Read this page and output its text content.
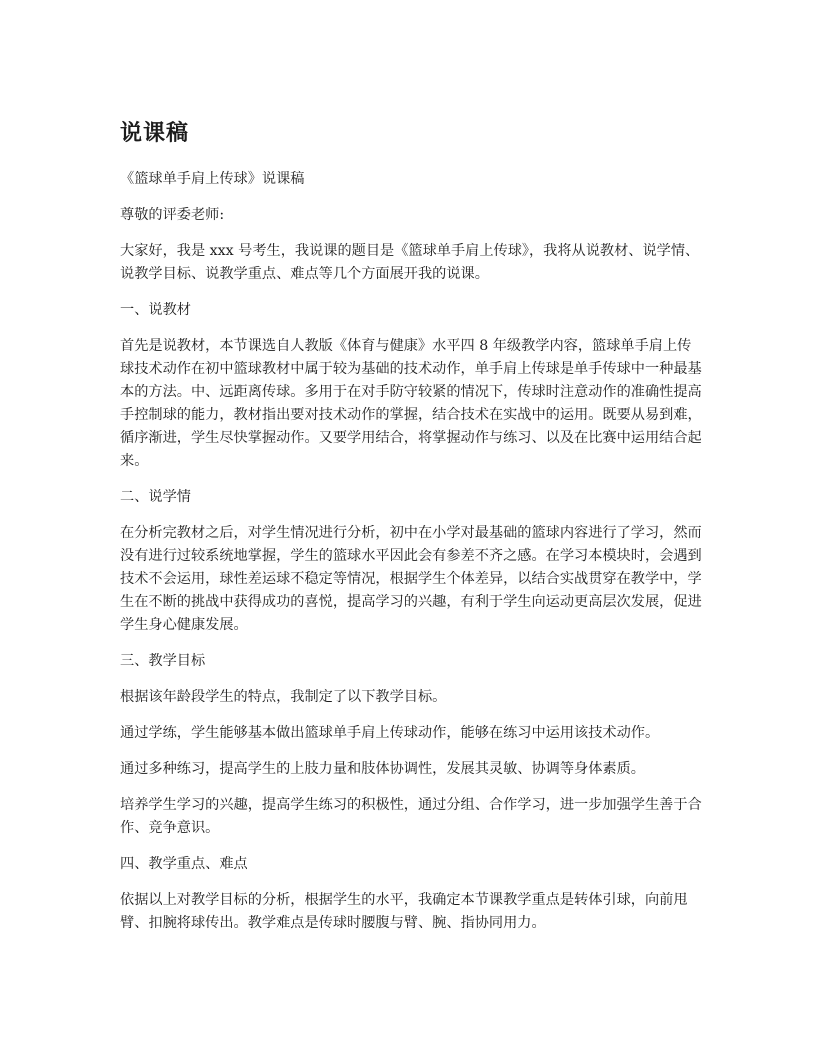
说课稿

《篮球单手肩上传球》说课稿

尊敬的评委老师:

大家好，我是 xxx 号考生，我说课的题目是《篮球单手肩上传球》，我将从说教材、说学情、说教学目标、说教学重点、难点等几个方面展开我的说课。

一、说教材

首先是说教材，本节课选自人教版《体育与健康》水平四 8 年级教学内容，篮球单手肩上传球技术动作在初中篮球教材中属于较为基础的技术动作，单手肩上传球是单手传球中一种最基本的方法。中、远距离传球。多用于在对手防守较紧的情况下，传球时注意动作的准确性提高手控制球的能力，教材指出要对技术动作的掌握，结合技术在实战中的运用。既要从易到难，循序渐进，学生尽快掌握动作。又要学用结合，将掌握动作与练习、以及在比赛中运用结合起来。

二、说学情

在分析完教材之后，对学生情况进行分析，初中在小学对最基础的篮球内容进行了学习，然而没有进行过较系统地掌握，学生的篮球水平因此会有参差不齐之感。在学习本模块时，会遇到技术不会运用，球性差运球不稳定等情况，根据学生个体差异，以结合实战贯穿在教学中，学生在不断的挑战中获得成功的喜悦，提高学习的兴趣，有利于学生向运动更高层次发展，促进学生身心健康发展。

三、教学目标

根据该年龄段学生的特点，我制定了以下教学目标。

通过学练，学生能够基本做出篮球单手肩上传球动作，能够在练习中运用该技术动作。

通过多种练习，提高学生的上肢力量和肢体协调性，发展其灵敏、协调等身体素质。

培养学生学习的兴趣，提高学生练习的积极性，通过分组、合作学习，进一步加强学生善于合作、竞争意识。

四、教学重点、难点

依据以上对教学目标的分析，根据学生的水平，我确定本节课教学重点是转体引球，向前甩臂、扣腕将球传出。教学难点是传球时腰腹与臂、腕、指协同用力。
